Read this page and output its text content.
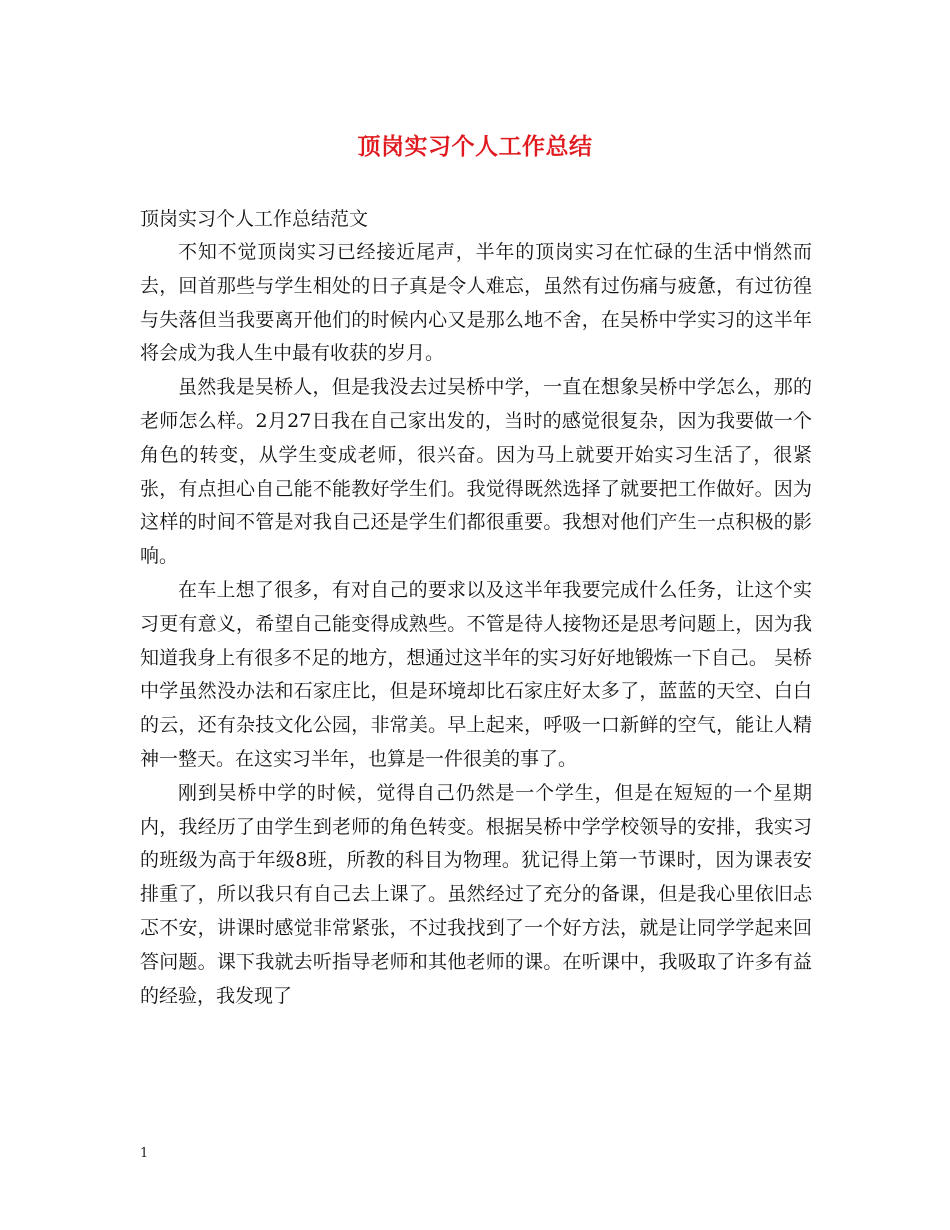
顶岗实习个人工作总结

顶岗实习个人工作总结范文

不知不觉顶岗实习已经接近尾声，半年的顶岗实习在忙碌的生活中悄然而去，回首那些与学生相处的日子真是令人难忘，虽然有过伤痛与疲惫，有过彷徨与失落但当我要离开他们的时候内心又是那么地不舍，在吴桥中学实习的这半年将会成为我人生中最有收获的岁月。

虽然我是吴桥人，但是我没去过吴桥中学，一直在想象吴桥中学怎么，那的老师怎么样。2月27日我在自己家出发的，当时的感觉很复杂，因为我要做一个角色的转变，从学生变成老师，很兴奋。因为马上就要开始实习生活了，很紧张，有点担心自己能不能教好学生们。我觉得既然选择了就要把工作做好。因为这样的时间不管是对我自己还是学生们都很重要。我想对他们产生一点积极的影响。

在车上想了很多，有对自己的要求以及这半年我要完成什么任务，让这个实习更有意义，希望自己能变得成熟些。不管是待人接物还是思考问题上，因为我知道我身上有很多不足的地方，想通过这半年的实习好好地锻炼一下自己。 吴桥中学虽然没办法和石家庄比，但是环境却比石家庄好太多了，蓝蓝的天空、白白的云，还有杂技文化公园，非常美。早上起来，呼吸一口新鲜的空气，能让人精神一整天。在这实习半年，也算是一件很美的事了。

刚到吴桥中学的时候，觉得自己仍然是一个学生，但是在短短的一个星期内，我经历了由学生到老师的角色转变。根据吴桥中学学校领导的安排，我实习的班级为高于年级8班，所教的科目为物理。犹记得上第一节课时，因为课表安排重了，所以我只有自己去上课了。虽然经过了充分的备课，但是我心里依旧忐忑不安，讲课时感觉非常紧张，不过我找到了一个好方法，就是让同学学起来回答问题。课下我就去听指导老师和其他老师的课。在听课中，我吸取了许多有益的经验，我发现了

1
